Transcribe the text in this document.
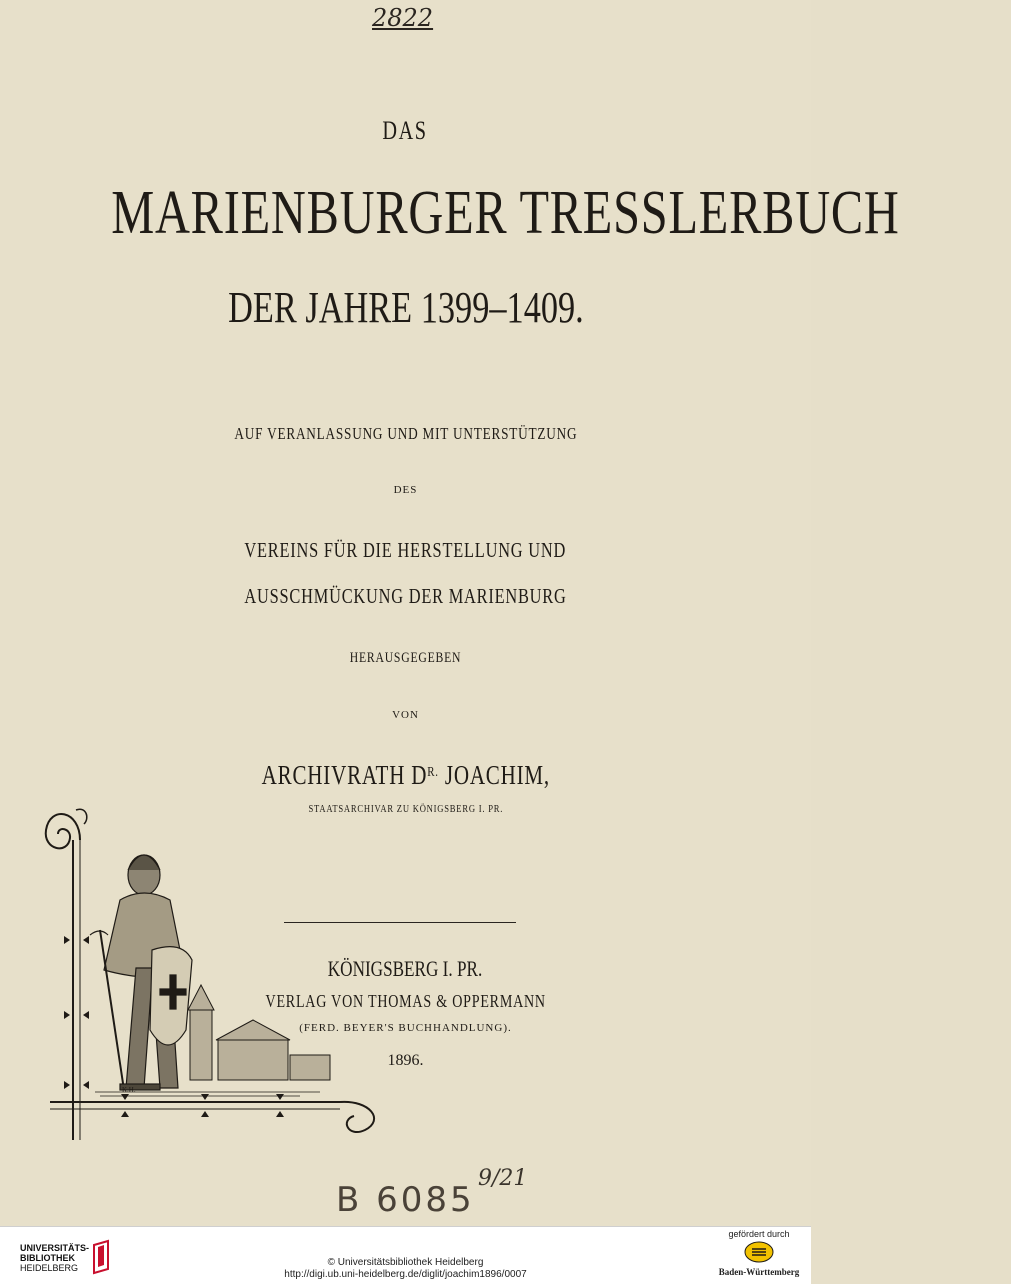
2822
DAS
MARIENBURGER TRESSLERBUCH
DER JAHRE 1399–1409.
AUF VERANLASSUNG UND MIT UNTERSTÜTZUNG
DES
VEREINS FÜR DIE HERSTELLUNG UND
AUSSCHMÜCKUNG DER MARIENBURG
HERAUSGEGEBEN
VON
ARCHIVRATH $D^{R.}$ JOACHIM,
STAATSARCHIVAR ZU KÖNIGSBERG I. PR.
KÖNIGSBERG I. PR.
VERLAG VON THOMAS & OPPERMANN
(FERD. BEYER'S BUCHHANDLUNG).
1896.
K.H.
B 6085
9/21
UNIVERSITÄTS-
BIBLIOTHEK
HEIDELBERG	© Universitätsbibliothek Heidelberg
http://digi.ub.uni-heidelberg.de/diglit/joachim1896/0007
gefördert durch
Baden-Württemberg
